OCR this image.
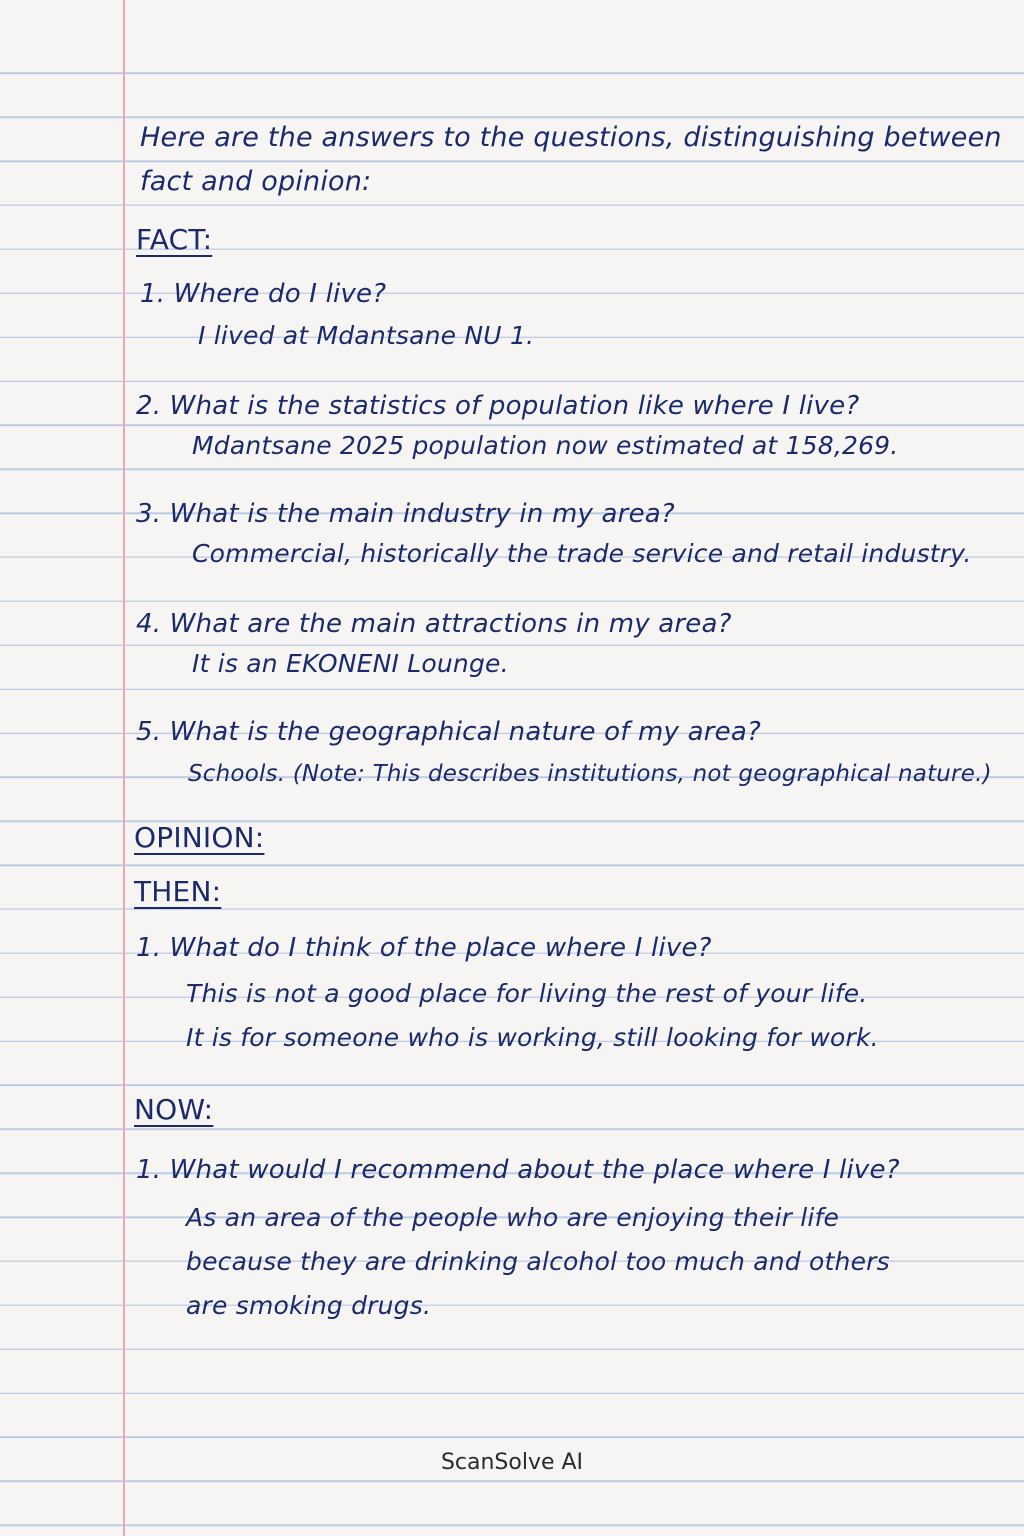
Here are the answers to the questions, distinguishing between

fact and opinion:

FACT:

1. Where do I live?

I lived at Mdantsane NU 1.

2. What is the statistics of population like where I live?

Mdantsane 2025 population now estimated at 158,269.

3. What is the main industry in my area?

Commercial, historically the trade service and retail industry.

4. What are the main attractions in my area?

It is an EKONENI Lounge.

5. What is the geographical nature of my area?

Schools. (Note: This describes institutions, not geographical nature.)

OPINION:

THEN:

1. What do I think of the place where I live?

This is not a good place for living the rest of your life.

It is for someone who is working, still looking for work.

NOW:

1. What would I recommend about the place where I live?

As an area of the people who are enjoying their life

because they are drinking alcohol too much and others

are smoking drugs.

ScanSolve AI
